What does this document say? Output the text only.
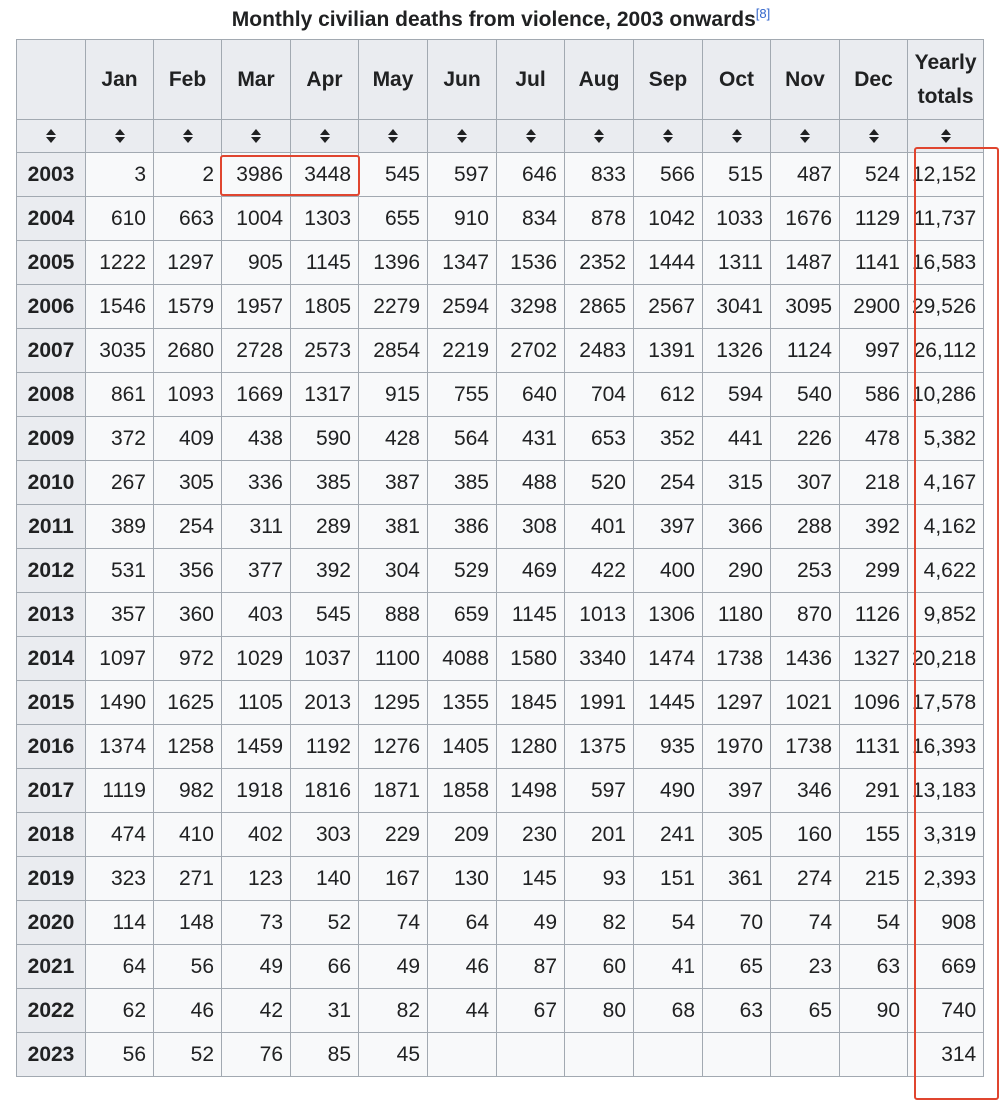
Monthly civilian deaths from violence, 2003 onwards[8]
	Jan	Feb	Mar	Apr	May	Jun	Jul	Aug	Sep	Oct	Nov	Dec	Yearly totals

2003	3	2	3986	3448	545	597	646	833	566	515	487	524	12,152
2004	610	663	1004	1303	655	910	834	878	1042	1033	1676	1129	11,737
2005	1222	1297	905	1145	1396	1347	1536	2352	1444	1311	1487	1141	16,583
2006	1546	1579	1957	1805	2279	2594	3298	2865	2567	3041	3095	2900	29,526
2007	3035	2680	2728	2573	2854	2219	2702	2483	1391	1326	1124	997	26,112
2008	861	1093	1669	1317	915	755	640	704	612	594	540	586	10,286
2009	372	409	438	590	428	564	431	653	352	441	226	478	5,382
2010	267	305	336	385	387	385	488	520	254	315	307	218	4,167
2011	389	254	311	289	381	386	308	401	397	366	288	392	4,162
2012	531	356	377	392	304	529	469	422	400	290	253	299	4,622
2013	357	360	403	545	888	659	1145	1013	1306	1180	870	1126	9,852
2014	1097	972	1029	1037	1100	4088	1580	3340	1474	1738	1436	1327	20,218
2015	1490	1625	1105	2013	1295	1355	1845	1991	1445	1297	1021	1096	17,578
2016	1374	1258	1459	1192	1276	1405	1280	1375	935	1970	1738	1131	16,393
2017	1119	982	1918	1816	1871	1858	1498	597	490	397	346	291	13,183
2018	474	410	402	303	229	209	230	201	241	305	160	155	3,319
2019	323	271	123	140	167	130	145	93	151	361	274	215	2,393
2020	114	148	73	52	74	64	49	82	54	70	74	54	908
2021	64	56	49	66	49	46	87	60	41	65	23	63	669
2022	62	46	42	31	82	44	67	80	68	63	65	90	740
2023	56	52	76	85	45								314
